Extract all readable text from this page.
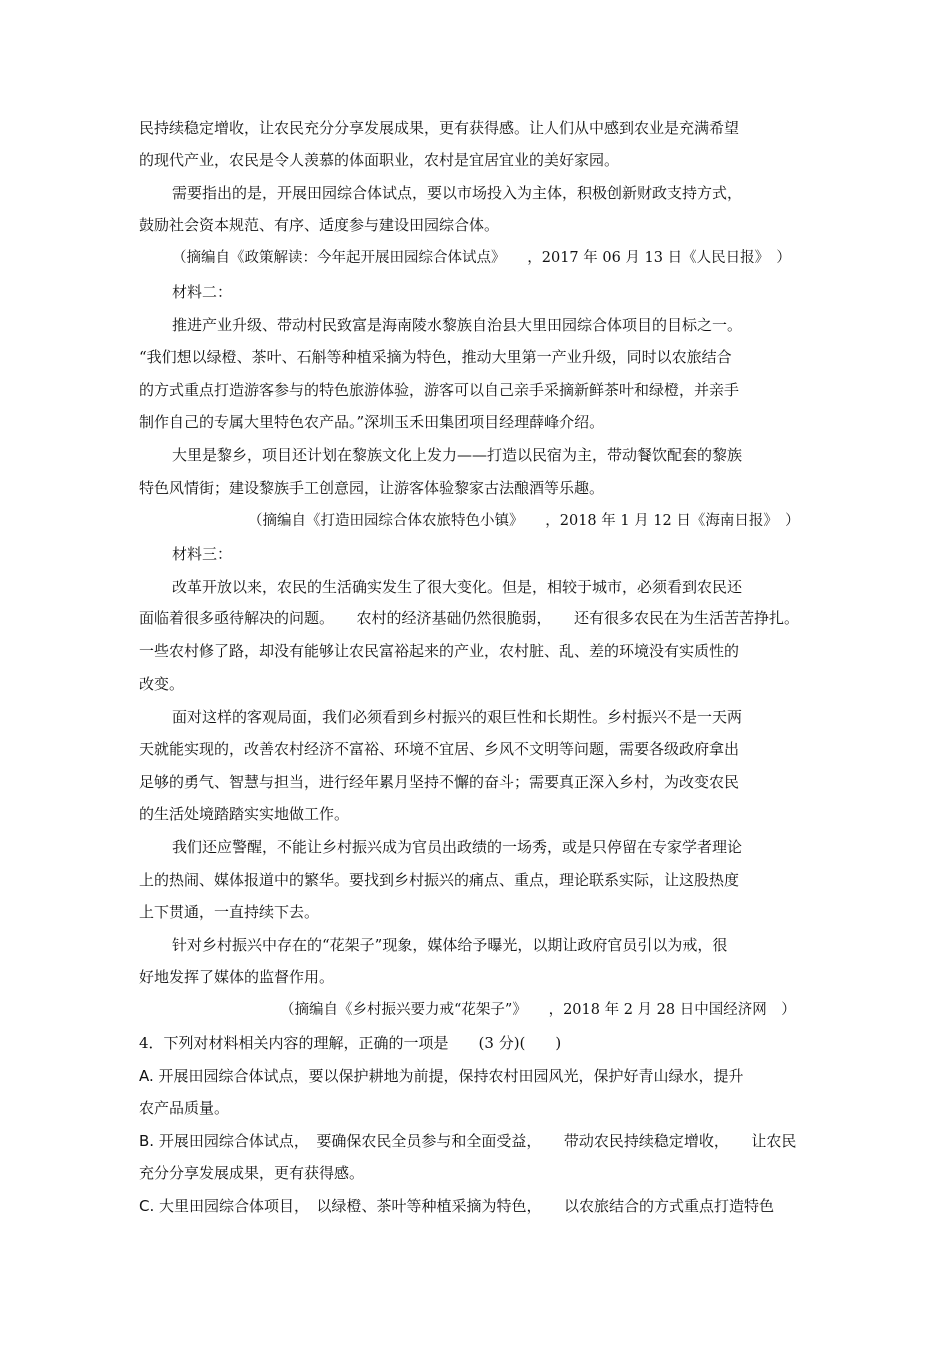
民持续稳定增收，让农民充分分享发展成果，更有获得感。让人们从中感到农业是充满希望
的现代产业，农民是令人羡慕的体面职业，农村是宜居宜业的美好家园。
需要指出的是，开展田园综合体试点，要以市场投入为主体，积极创新财政支持方式，
鼓励社会资本规范、有序、适度参与建设田园综合体。
（摘编自《政策解读：今年起开展田园综合体试点》　　，2017 年 06 月 13 日《人民日报》　）
材料二：
推进产业升级、带动村民致富是海南陵水黎族自治县大里田园综合体项目的目标之一。
“我们想以绿橙、茶叶、石斛等种植采摘为特色，推动大里第一产业升级，同时以农旅结合
的方式重点打造游客参与的特色旅游体验，游客可以自己亲手采摘新鲜茶叶和绿橙，并亲手
制作自己的专属大里特色农产品。”深圳玉禾田集团项目经理薛峰介绍。
大里是黎乡，项目还计划在黎族文化上发力——打造以民宿为主，带动餐饮配套的黎族
特色风情街；建设黎族手工创意园，让游客体验黎家古法酿酒等乐趣。
（摘编自《打造田园综合体农旅特色小镇》　　，2018 年 1 月 12 日《海南日报》　）
材料三：
改革开放以来，农民的生活确实发生了很大变化。但是，相较于城市，必须看到农民还
面临着很多亟待解决的问题。　　农村的经济基础仍然很脆弱，　　还有很多农民在为生活苦苦挣扎。
一些农村修了路，却没有能够让农民富裕起来的产业，农村脏、乱、差的环境没有实质性的
改变。
面对这样的客观局面，我们必须看到乡村振兴的艰巨性和长期性。乡村振兴不是一天两
天就能实现的，改善农村经济不富裕、环境不宜居、乡风不文明等问题，需要各级政府拿出
足够的勇气、智慧与担当，进行经年累月坚持不懈的奋斗；需要真正深入乡村，为改变农民
的生活处境踏踏实实地做工作。
我们还应警醒，不能让乡村振兴成为官员出政绩的一场秀，或是只停留在专家学者理论
上的热闹、媒体报道中的繁华。要找到乡村振兴的痛点、重点，理论联系实际，让这股热度
上下贯通，一直持续下去。
针对乡村振兴中存在的“花架子”现象，媒体给予曝光，以期让政府官员引以为戒，很
好地发挥了媒体的监督作用。
（摘编自《乡村振兴要力戒“花架子”》　　，2018 年 2 月 28 日中国经济网　）
4．下列对材料相关内容的理解，正确的一项是　　(3 分)(　　)
A. 开展田园综合体试点，要以保护耕地为前提，保持农村田园风光，保护好青山绿水，提升
农产品质量。
B. 开展田园综合体试点，　要确保农民全员参与和全面受益，　　带动农民持续稳定增收，　　让农民
充分分享发展成果，更有获得感。
C. 大里田园综合体项目，　以绿橙、茶叶等种植采摘为特色，　　以农旅结合的方式重点打造特色
